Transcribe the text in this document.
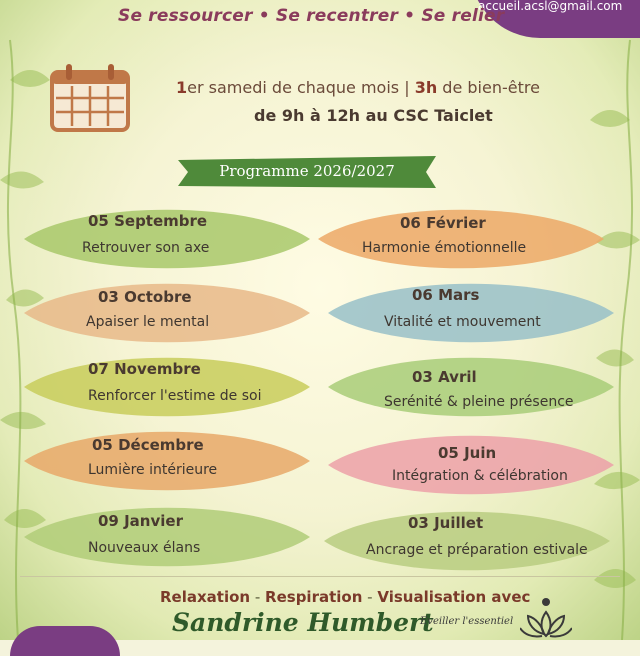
accueil.acsl@gmail.com
Se ressourcer • Se recentrer • Se relier
1er samedi de chaque mois | 3h de bien-être
de 9h à 12h au CSC Taiclet
Programme 2026/2027
05 Septembre
Retrouver son axe
03 Octobre
Apaiser le mental
07 Novembre
Renforcer l'estime de soi
05 Décembre
Lumière intérieure
09 Janvier
Nouveaux élans
06 Février
Harmonie émotionnelle
06 Mars
Vitalité et mouvement
03 Avril
Serénité & pleine présence
05 Juin
Intégration & célébration
03 Juillet
Ancrage et préparation estivale
Relaxation - Respiration - Visualisation avec
Sandrine Humbert
Eveiller l'essentiel
